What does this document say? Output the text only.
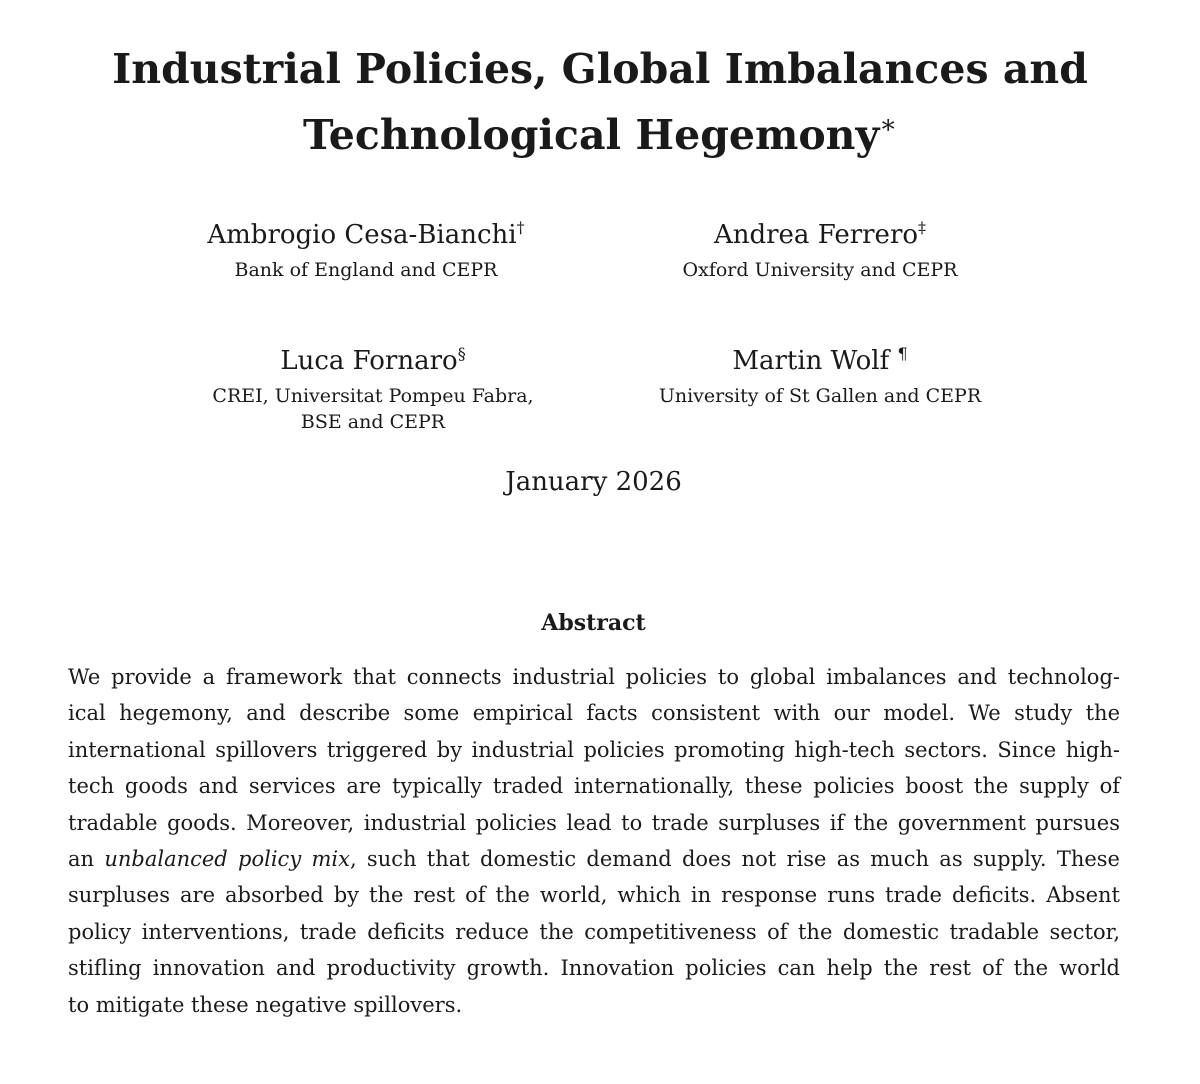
Industrial Policies, Global Imbalances and
Technological Hegemony∗
Ambrogio Cesa-Bianchi†
Bank of England and CEPR
Andrea Ferrero‡
Oxford University and CEPR
Luca Fornaro§
CREI, Universitat Pompeu Fabra,
BSE and CEPR
Martin Wolf ¶
University of St Gallen and CEPR
January 2026
Abstract

We provide a framework that connects industrial policies to global imbalances and technolog-
ical hegemony, and describe some empirical facts consistent with our model. We study the
international spillovers triggered by industrial policies promoting high-tech sectors. Since high-
tech goods and services are typically traded internationally, these policies boost the supply of
tradable goods. Moreover, industrial policies lead to trade surpluses if the government pursues
an unbalanced policy mix, such that domestic demand does not rise as much as supply. These
surpluses are absorbed by the rest of the world, which in response runs trade deficits. Absent
policy interventions, trade deficits reduce the competitiveness of the domestic tradable sector,
stifling innovation and productivity growth. Innovation policies can help the rest of the world
to mitigate these negative spillovers.
